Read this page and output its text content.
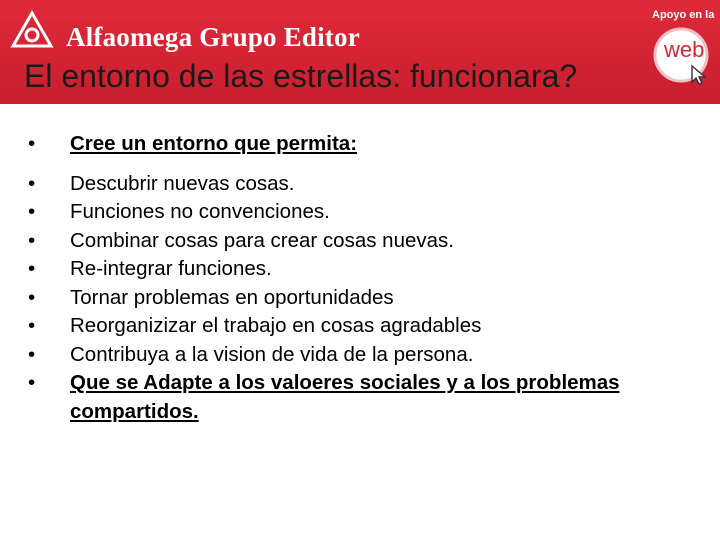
Alfaomega Grupo Editor
Apoyo en la
web
El entorno de las estrellas: funcionara?
• Cree un entorno que permita:
• Descubrir nuevas cosas.
• Funciones no convenciones.
• Combinar cosas para crear cosas nuevas.
• Re-integrar funciones.
• Tornar problemas en oportunidades
• Reorganizizar el trabajo en cosas agradables
• Contribuya a la vision de vida de la persona.
• Que se Adapte a los valoeres sociales y a los problemas compartidos.
